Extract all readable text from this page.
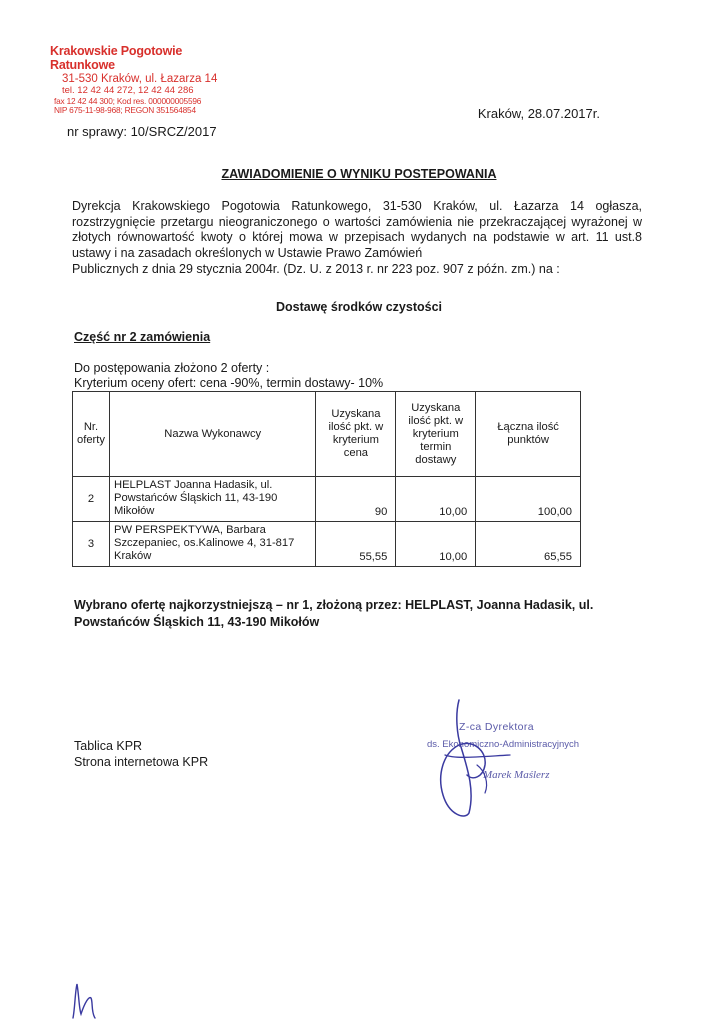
Krakowskie Pogotowie Ratunkowe
31-530 Kraków, ul. Łazarza 14
tel. 12 42 44 272, 12 42 44 286
fax 12 42 44 300; Kod res. 000000005596
NIP 675-11-98-968; REGON 351564854	Kraków, 28.07.2017r.
nr sprawy: 10/SRCZ/2017
ZAWIADOMIENIE O WYNIKU POSTEPOWANIA
Dyrekcja Krakowskiego Pogotowia Ratunkowego, 31-530 Kraków, ul. Łazarza 14 ogłasza, rozstrzygnięcie przetargu nieograniczonego o wartości zamówienia nie przekraczającej wyrażonej w złotych równowartość kwoty o której mowa w przepisach wydanych na podstawie w art. 11 ust.8 ustawy i na zasadach określonych w Ustawie Prawo Zamówień
Publicznych z dnia 29 stycznia 2004r. (Dz. U. z 2013 r. nr 223 poz. 907 z późn. zm.) na :
Dostawę środków czystości
Część nr 2 zamówienia
Do postępowania złożono 2 oferty :
Kryterium oceny ofert: cena -90%, termin dostawy- 10%
Nr. oferty	Nazwa Wykonawcy	Uzyskana ilość pkt. w kryterium cena	Uzyskana ilość pkt. w kryterium termin dostawy	Łączna ilość punktów
2	HELPLAST Joanna Hadasik, ul. Powstańców Śląskich 11, 43-190 Mikołów	90	10,00	100,00
3	PW PERSPEKTYWA, Barbara Szczepaniec, os.Kalinowe 4, 31-817 Kraków	55,55	10,00	65,55
Wybrano ofertę najkorzystniejszą – nr 1, złożoną przez: HELPLAST, Joanna Hadasik, ul. Powstańców Śląskich 11, 43-190 Mikołów
Tablica KPR
Strona internetowa KPR
Z-ca Dyrektora
ds. Ekonomiczno-Administracyjnych
Marek Maślerz
